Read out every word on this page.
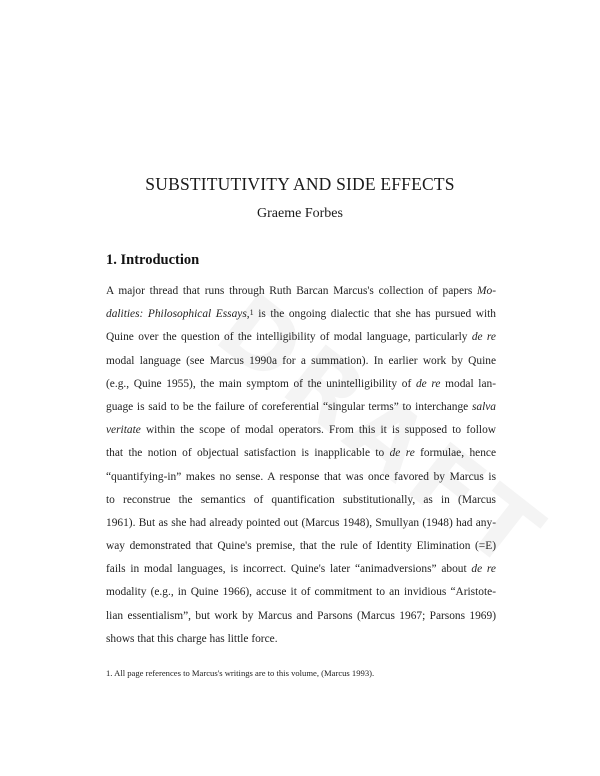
SUBSTITUTIVITY AND SIDE EFFECTS
Graeme Forbes
1. Introduction
A major thread that runs through Ruth Barcan Marcus's collection of papers Mo-
dalities: Philosophical Essays,$^1$ is the ongoing dialectic that she has pursued with
Quine over the question of the intelligibility of modal language, particularly de re
modal language (see Marcus 1990a for a summation). In earlier work by Quine
(e.g., Quine 1955), the main symptom of the unintelligibility of de re modal lan-
guage is said to be the failure of coreferential “singular terms” to interchange salva
veritate within the scope of modal operators. From this it is supposed to follow
that the notion of objectual satisfaction is inapplicable to de re formulae, hence
“quantifying-in” makes no sense. A response that was once favored by Marcus is
to reconstrue the semantics of quantification substitutionally, as in (Marcus
1961). But as she had already pointed out (Marcus 1948), Smullyan (1948) had any-
way demonstrated that Quine's premise, that the rule of Identity Elimination (=E)
fails in modal languages, is incorrect. Quine's later “animadversions” about de re
modality (e.g., in Quine 1966), accuse it of commitment to an invidious “Aristote-
lian essentialism”, but work by Marcus and Parsons (Marcus 1967; Parsons 1969)
shows that this charge has little force.
1. All page references to Marcus's writings are to this volume, (Marcus 1993).
